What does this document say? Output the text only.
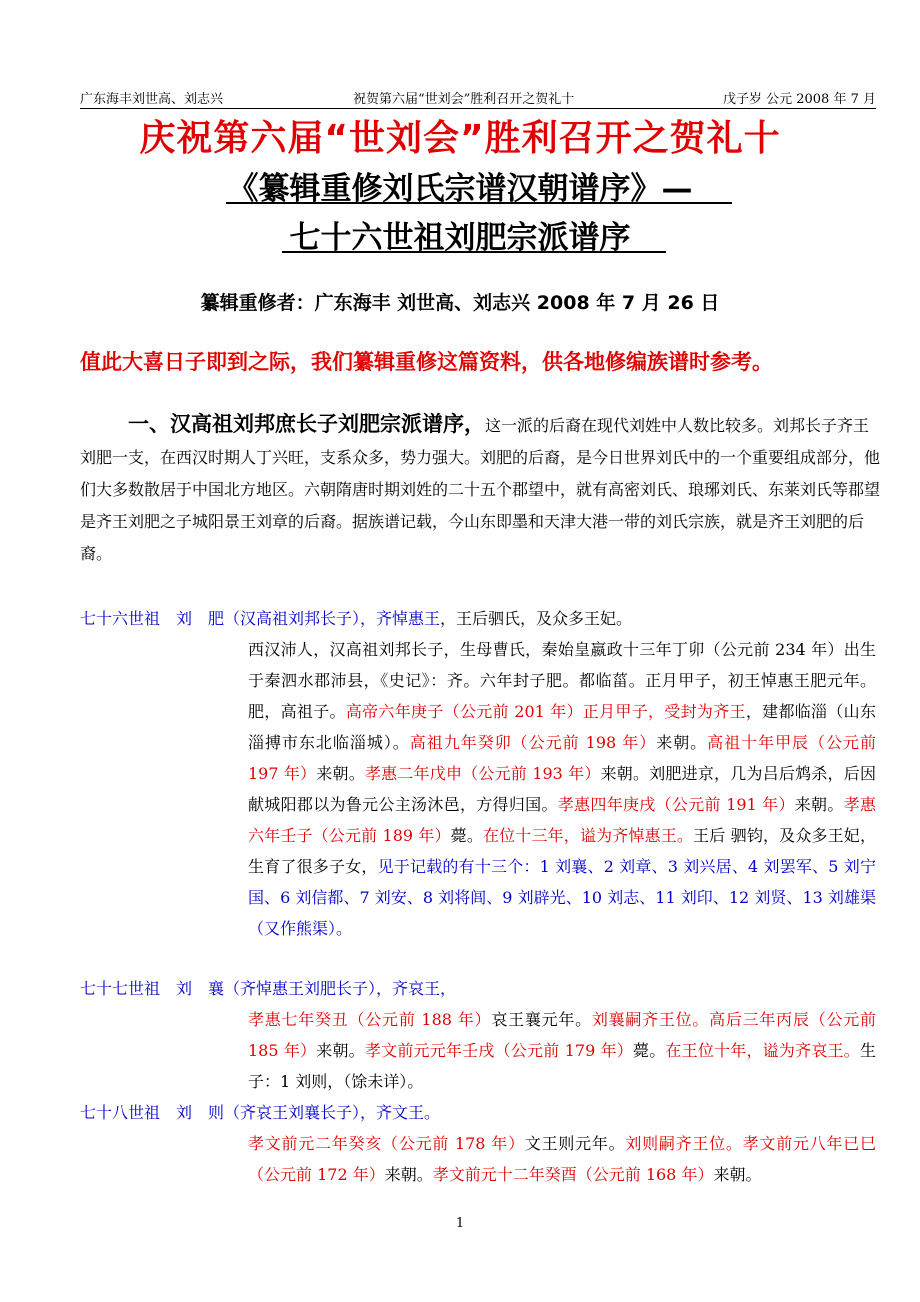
广东海丰刘世高、刘志兴	祝贺第六届“世刘会”胜利召开之贺礼十	戊子岁 公元 2008 年 7 月
庆祝第六届“世刘会”胜利召开之贺礼十
《纂辑重修刘氏宗谱汉朝谱序》—
七十六世祖刘肥宗派谱序
纂辑重修者：广东海丰 刘世高、刘志兴 2008 年 7 月 26 日
值此大喜日子即到之际，我们纂辑重修这篇资料，供各地修编族谱时参考。

一、汉高祖刘邦庶长子刘肥宗派谱序，这一派的后裔在现代刘姓中人数比较多。刘邦长子齐王刘肥一支，在西汉时期人丁兴旺，支系众多，势力强大。刘肥的后裔，是今日世界刘氏中的一个重要组成部分，他们大多数散居于中国北方地区。六朝隋唐时期刘姓的二十五个郡望中，就有高密刘氏、琅琊刘氏、东莱刘氏等郡望是齐王刘肥之子城阳景王刘章的后裔。据族谱记载，今山东即墨和天津大港一带的刘氏宗族，就是齐王刘肥的后裔。

七十六世祖　刘　肥（汉高祖刘邦长子），齐悼惠王，王后驷氏，及众多王妃。

西汉沛人，汉高祖刘邦长子，生母曹氏，秦始皇嬴政十三年丁卯（公元前 234 年）出生于秦泗水郡沛县，《史记》：齐。六年封子肥。都临菑。正月甲子，初王悼惠王肥元年。肥，高祖子。高帝六年庚子（公元前 201 年）正月甲子，受封为齐王，建都临淄（山东淄搏市东北临淄城）。高祖九年癸卯（公元前 198 年）来朝。高祖十年甲辰（公元前 197 年）来朝。孝惠二年戊申（公元前 193 年）来朝。刘肥进京，几为吕后鸩杀，后因献城阳郡以为鲁元公主汤沐邑，方得归国。孝惠四年庚戌（公元前 191 年）来朝。孝惠六年壬子（公元前 189 年）薨。在位十三年，谥为齐悼惠王。王后 驷钧，及众多王妃，生育了很多子女，见于记载的有十三个：1 刘襄、2 刘章、3 刘兴居、4 刘罢军、5 刘宁国、6 刘信都、7 刘安、8 刘将闾、9 刘辟光、10 刘志、11 刘印、12 刘贤、13 刘雄渠（又作熊渠）。

七十七世祖　刘　襄（齐悼惠王刘肥长子），齐哀王，

孝惠七年癸丑（公元前 188 年）哀王襄元年。刘襄嗣齐王位。高后三年丙辰（公元前 185 年）来朝。孝文前元元年壬戌（公元前 179 年）薨。在王位十年，谥为齐哀王。生子：1 刘则，（馀未详）。

七十八世祖　刘　则（齐哀王刘襄长子），齐文王。

孝文前元二年癸亥（公元前 178 年）文王则元年。刘则嗣齐王位。孝文前元八年已巳（公元前 172 年）来朝。孝文前元十二年癸酉（公元前 168 年）来朝。

1
